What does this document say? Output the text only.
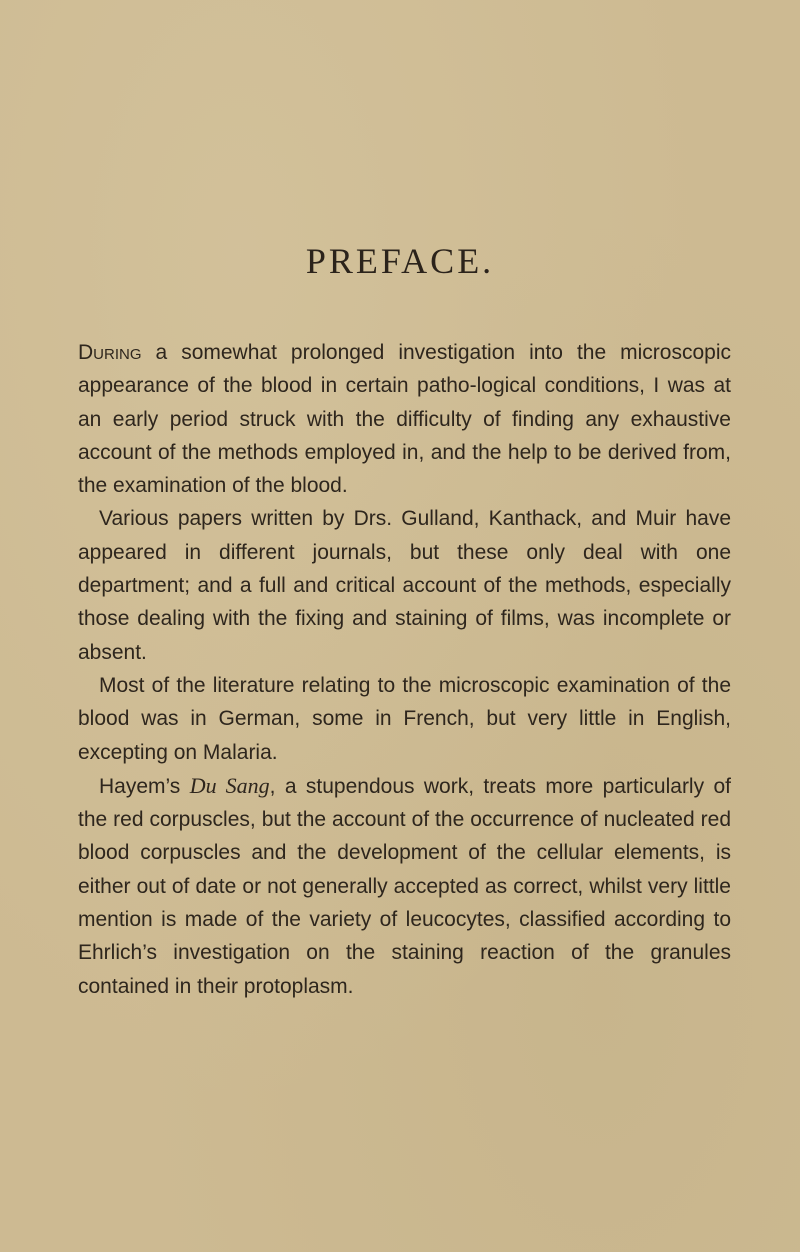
PREFACE.

During a somewhat prolonged investigation into the microscopic appearance of the blood in certain patho-logical conditions, I was at an early period struck with the difficulty of finding any exhaustive account of the methods employed in, and the help to be derived from, the examination of the blood.

Various papers written by Drs. Gulland, Kanthack, and Muir have appeared in different journals, but these only deal with one department; and a full and critical account of the methods, especially those dealing with the fixing and staining of films, was incomplete or absent.

Most of the literature relating to the microscopic examination of the blood was in German, some in French, but very little in English, excepting on Malaria.

Hayem’s Du Sang, a stupendous work, treats more particularly of the red corpuscles, but the account of the occurrence of nucleated red blood corpuscles and the development of the cellular elements, is either out of date or not generally accepted as correct, whilst very little mention is made of the variety of leucocytes, classified according to Ehrlich’s investigation on the staining reaction of the granules contained in their protoplasm.
